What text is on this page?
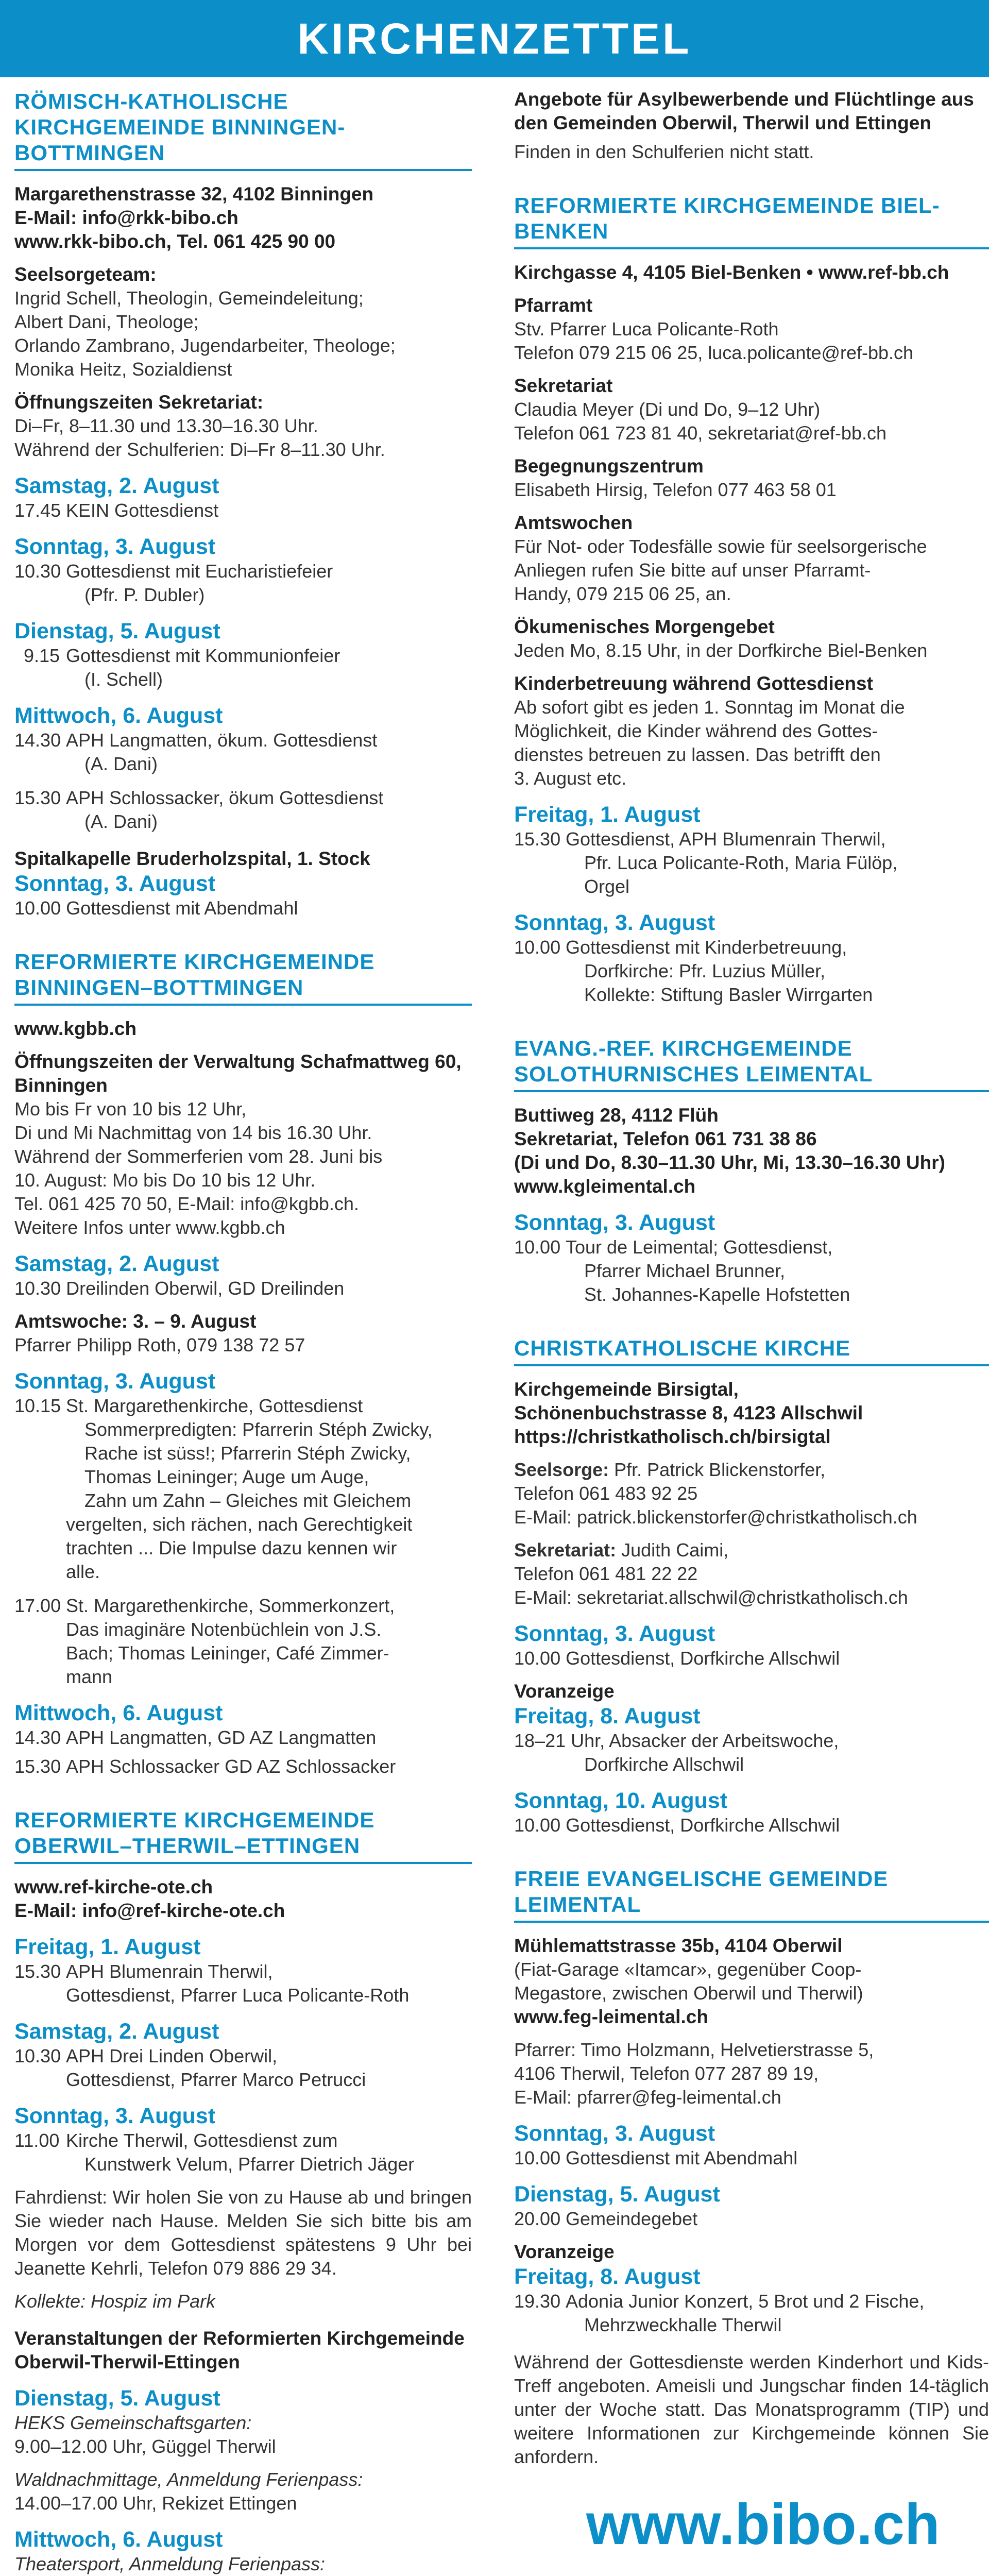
KIRCHENZETTEL
RÖMISCH-KATHOLISCHE KIRCHGEMEINDE BINNINGEN-BOTTMINGEN
Margarethenstrasse 32, 4102 Binningen
E-Mail: info@rkk-bibo.ch
www.rkk-bibo.ch, Tel. 061 425 90 00
Seelsorgeteam:
Ingrid Schell, Theologin, Gemeindeleitung;
Albert Dani, Theologe;
Orlando Zambrano, Jugendarbeiter, Theologe;
Monika Heitz, Sozialdienst
Öffnungszeiten Sekretariat:
Di–Fr, 8–11.30 und 13.30–16.30 Uhr.
Während der Schulferien: Di–Fr 8–11.30 Uhr.
Samstag, 2. August
17.45 KEIN Gottesdienst
Sonntag, 3. August
10.30 Gottesdienst mit Eucharistiefeier
(Pfr. P. Dubler)
Dienstag, 5. August
9.15 Gottesdienst mit Kommunionfeier
(I. Schell)
Mittwoch, 6. August
14.30 APH Langmatten, ökum. Gottesdienst
(A. Dani)
15.30 APH Schlossacker, ökum Gottesdienst
(A. Dani)
Spitalkapelle Bruderholzspital, 1. Stock
Sonntag, 3. August
10.00 Gottesdienst mit Abendmahl
REFORMIERTE KIRCHGEMEINDE BINNINGEN–BOTTMINGEN
www.kgbb.ch
Öffnungszeiten der Verwaltung Schafmattweg 60, Binningen
Mo bis Fr von 10 bis 12 Uhr,
Di und Mi Nachmittag von 14 bis 16.30 Uhr.
Während der Sommerferien vom 28. Juni bis
10. August: Mo bis Do 10 bis 12 Uhr.
Tel. 061 425 70 50, E-Mail: info@kgbb.ch.
Weitere Infos unter www.kgbb.ch
Samstag, 2. August
10.30 Dreilinden Oberwil, GD Dreilinden
Amtswoche: 3. – 9. August
Pfarrer Philipp Roth, 079 138 72 57
Sonntag, 3. August
10.15 St. Margarethenkirche, Gottesdienst
Sommerpredigten: Pfarrerin Stéph Zwicky,
Rache ist süss!; Pfarrerin Stéph Zwicky,
Thomas Leininger; Auge um Auge,
Zahn um Zahn – Gleiches mit Gleichem
vergelten, sich rächen, nach Gerechtigkeit
trachten ... Die Impulse dazu kennen wir
alle.
17.00 St. Margarethenkirche, Sommerkonzert,
Das imaginäre Notenbüchlein von J.S.
Bach; Thomas Leininger, Café Zimmer-
mann
Mittwoch, 6. August
14.30 APH Langmatten, GD AZ Langmatten
15.30 APH Schlossacker GD AZ Schlossacker
REFORMIERTE KIRCHGEMEINDE OBERWIL–THERWIL–ETTINGEN
www.ref-kirche-ote.ch
E-Mail: info@ref-kirche-ote.ch
Freitag, 1. August
15.30 APH Blumenrain Therwil,
Gottesdienst, Pfarrer Luca Policante-Roth
Samstag, 2. August
10.30 APH Drei Linden Oberwil,
Gottesdienst, Pfarrer Marco Petrucci
Sonntag, 3. August
11.00 Kirche Therwil, Gottesdienst zum
Kunstwerk Velum, Pfarrer Dietrich Jäger
Fahrdienst: Wir holen Sie von zu Hause ab und bringen Sie wieder nach Hause. Melden Sie sich bitte bis am Morgen vor dem Gottesdienst spätestens 9 Uhr bei Jeanette Kehrli, Telefon 079 886 29 34.
Kollekte: Hospiz im Park
Veranstaltungen der Reformierten Kirchgemeinde Oberwil-Therwil-Ettingen
Dienstag, 5. August
HEKS Gemeinschaftsgarten:
9.00–12.00 Uhr, Güggel Therwil
Waldnachmittage, Anmeldung Ferienpass:
14.00–17.00 Uhr, Rekizet Ettingen
Mittwoch, 6. August
Theatersport, Anmeldung Ferienpass:
Angebote für Asylbewerbende und Flüchtlinge aus den Gemeinden Oberwil, Therwil und Ettingen
Finden in den Schulferien nicht statt.
REFORMIERTE KIRCHGEMEINDE BIEL-BENKEN
Kirchgasse 4, 4105 Biel-Benken • www.ref-bb.ch
Pfarramt
Stv. Pfarrer Luca Policante-Roth
Telefon 079 215 06 25, luca.policante@ref-bb.ch
Sekretariat
Claudia Meyer (Di und Do, 9–12 Uhr)
Telefon 061 723 81 40, sekretariat@ref-bb.ch
Begegnungszentrum
Elisabeth Hirsig, Telefon 077 463 58 01
Amtswochen
Für Not- oder Todesfälle sowie für seelsorgerische
Anliegen rufen Sie bitte auf unser Pfarramt-
Handy, 079 215 06 25, an.
Ökumenisches Morgengebet
Jeden Mo, 8.15 Uhr, in der Dorfkirche Biel-Benken
Kinderbetreuung während Gottesdienst
Ab sofort gibt es jeden 1. Sonntag im Monat die
Möglichkeit, die Kinder während des Gottes-
dienstes betreuen zu lassen. Das betrifft den
3. August etc.
Freitag, 1. August
15.30 Gottesdienst, APH Blumenrain Therwil,
Pfr. Luca Policante-Roth, Maria Fülöp,
Orgel
Sonntag, 3. August
10.00 Gottesdienst mit Kinderbetreuung,
Dorfkirche: Pfr. Luzius Müller,
Kollekte: Stiftung Basler Wirrgarten
EVANG.-REF. KIRCHGEMEINDE SOLOTHURNISCHES LEIMENTAL
Buttiweg 28, 4112 Flüh
Sekretariat, Telefon 061 731 38 86
(Di und Do, 8.30–11.30 Uhr, Mi, 13.30–16.30 Uhr)
www.kgleimental.ch
Sonntag, 3. August
10.00 Tour de Leimental; Gottesdienst,
Pfarrer Michael Brunner,
St. Johannes-Kapelle Hofstetten
CHRISTKATHOLISCHE KIRCHE
Kirchgemeinde Birsigtal,
Schönenbuchstrasse 8, 4123 Allschwil
https://christkatholisch.ch/birsigtal
Seelsorge: Pfr. Patrick Blickenstorfer,
Telefon 061 483 92 25
E-Mail: patrick.blickenstorfer@christkatholisch.ch
Sekretariat: Judith Caimi,
Telefon 061 481 22 22
E-Mail: sekretariat.allschwil@christkatholisch.ch
Sonntag, 3. August
10.00 Gottesdienst, Dorfkirche Allschwil
Voranzeige
Freitag, 8. August
18–21 Uhr, Absacker der Arbeitswoche,
Dorfkirche Allschwil
Sonntag, 10. August
10.00 Gottesdienst, Dorfkirche Allschwil
FREIE EVANGELISCHE GEMEINDE LEIMENTAL
Mühlemattstrasse 35b, 4104 Oberwil
(Fiat-Garage «Itamcar», gegenüber Coop-
Megastore, zwischen Oberwil und Therwil)
www.feg-leimental.ch
Pfarrer: Timo Holzmann, Helvetierstrasse 5,
4106 Therwil, Telefon 077 287 89 19,
E-Mail: pfarrer@feg-leimental.ch
Sonntag, 3. August
10.00 Gottesdienst mit Abendmahl
Dienstag, 5. August
20.00 Gemeindegebet
Voranzeige
Freitag, 8. August
19.30 Adonia Junior Konzert, 5 Brot und 2 Fische,
Mehrzweckhalle Therwil
Während der Gottesdienste werden Kinderhort und Kids-Treff angeboten. Ameisli und Jungschar finden 14-täglich unter der Woche statt. Das Monatsprogramm (TIP) und weitere Informationen zur Kirchgemeinde können Sie anfordern.
www.bibo.ch
